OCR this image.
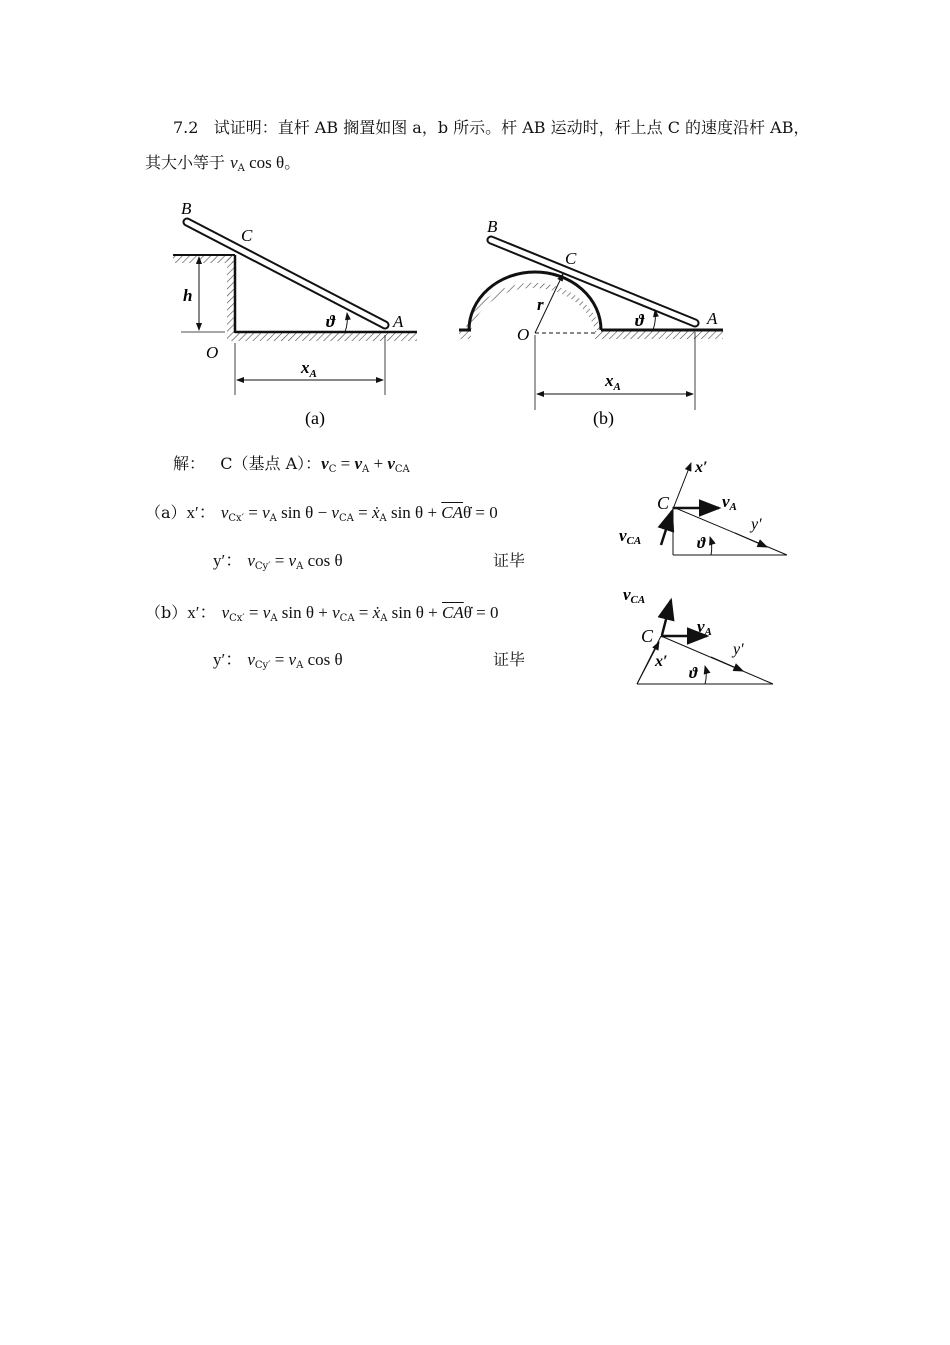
7.2 试证明：直杆 AB 搁置如图 a，b 所示。杆 AB 运动时，杆上点 C 的速度沿杆 AB，
其大小等于 $v_A$ cos θ。
B
C
h
O
ϑ	A
$x_A$
(a)
B
C
r
O
ϑ	A
$x_A$
(b)
解： C（基点 A）：$v_C = v_A + v_{CA}$
（a）x′： $v_{Cx'} = v_A$ $\sin \theta - v_{CA}$ = ẋ$_A$ $\sin \theta + \overline{CA}\thetȧ = 0$
y′： $v_{Cy'} = v_A$ cos θ	证毕
（b）x′： $v_{Cx'} = v_A$ $\sin \theta + v_{CA}$ = ẋ$_A$ $\sin \theta + \overline{CA}\thetȧ = 0$
y′： $v_{Cy'} = v_A$ cos θ	证毕
x′
C	vA
y′
vCA	ϑ
vCA
C	vA
y′
x′
ϑ
